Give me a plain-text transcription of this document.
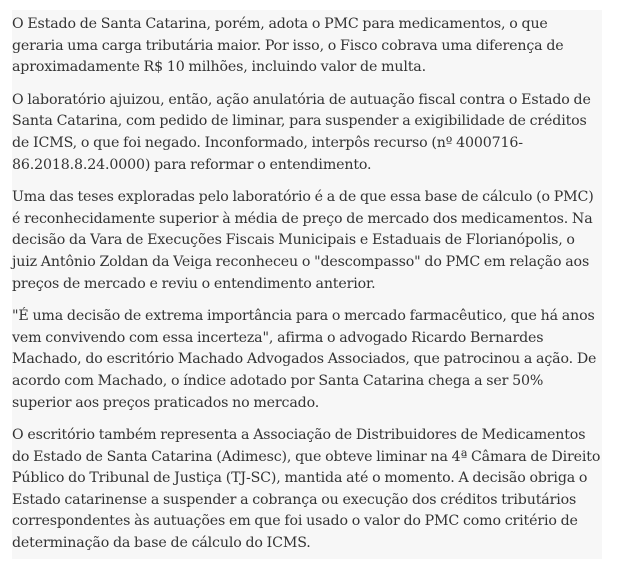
O Estado de Santa Catarina, porém, adota o PMC para medicamentos, o que geraria uma carga tributária maior. Por isso, o Fisco cobrava uma diferença de aproximadamente R$ 10 milhões, incluindo valor de multa.

O laboratório ajuizou, então, ação anulatória de autuação fiscal contra o Estado de Santa Catarina, com pedido de liminar, para suspender a exigibilidade de créditos de ICMS, o que foi negado. Inconformado, interpôs recurso (nº 4000716-86.2018.8.24.0000) para reformar o entendimento.

Uma das teses exploradas pelo laboratório é a de que essa base de cálculo (o PMC) é reconhecidamente superior à média de preço de mercado dos medicamentos. Na decisão da Vara de Execuções Fiscais Municipais e Estaduais de Florianópolis, o juiz Antônio Zoldan da Veiga reconheceu o "descompasso" do PMC em relação aos preços de mercado e reviu o entendimento anterior.

"É uma decisão de extrema importância para o mercado farmacêutico, que há anos vem convivendo com essa incerteza", afirma o advogado Ricardo Bernardes Machado, do escritório Machado Advogados Associados, que patrocinou a ação. De acordo com Machado, o índice adotado por Santa Catarina chega a ser 50% superior aos preços praticados no mercado.

O escritório também representa a Associação de Distribuidores de Medicamentos do Estado de Santa Catarina (Adimesc), que obteve liminar na 4ª Câmara de Direito Público do Tribunal de Justiça (TJ-SC), mantida até o momento. A decisão obriga o Estado catarinense a suspender a cobrança ou execução dos créditos tributários correspondentes às autuações em que foi usado o valor do PMC como critério de determinação da base de cálculo do ICMS.
